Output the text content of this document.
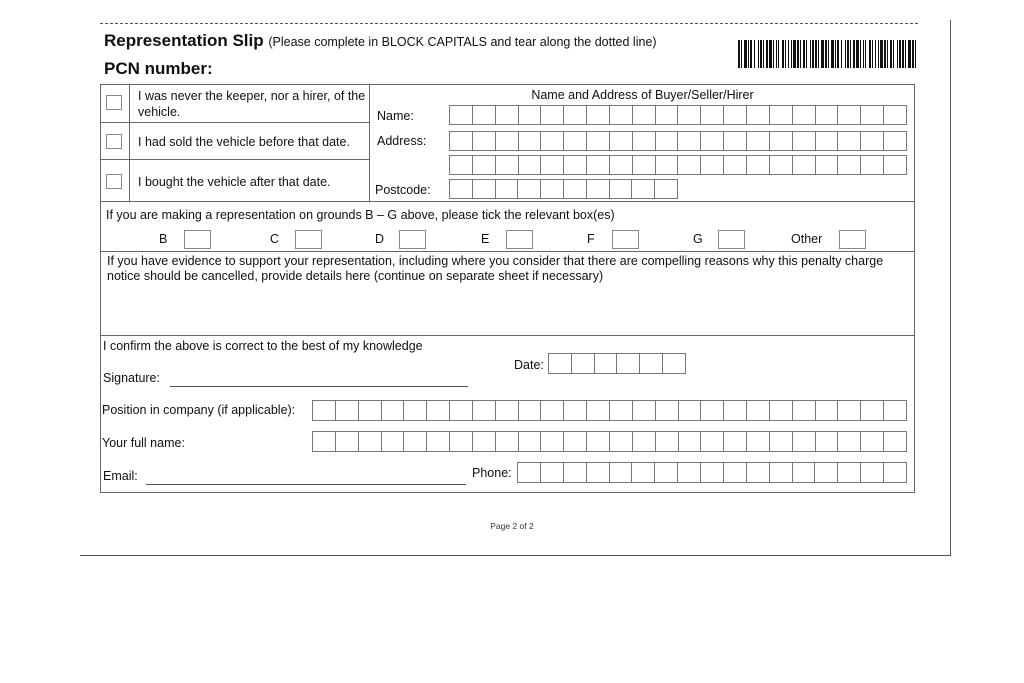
Representation Slip (Please complete in BLOCK CAPITALS and tear along the dotted line)
PCN number:
I was never the keeper, nor a hirer, of the vehicle.
I had sold the vehicle before that date.
I bought the vehicle after that date.
Name and Address of Buyer/Seller/Hirer
Name:
Address:
Postcode:
If you are making a representation on grounds B – G above, please tick the relevant box(es)
B	C	D	E	F	G	Other
If you have evidence to support your representation, including where you consider that there are compelling reasons why this penalty charge notice should be cancelled, provide details here (continue on separate sheet if necessary)
I confirm the above is correct to the best of my knowledge
Signature:
Date:
Position in company (if applicable):
Your full name:
Email:	Phone:
Page 2 of 2
